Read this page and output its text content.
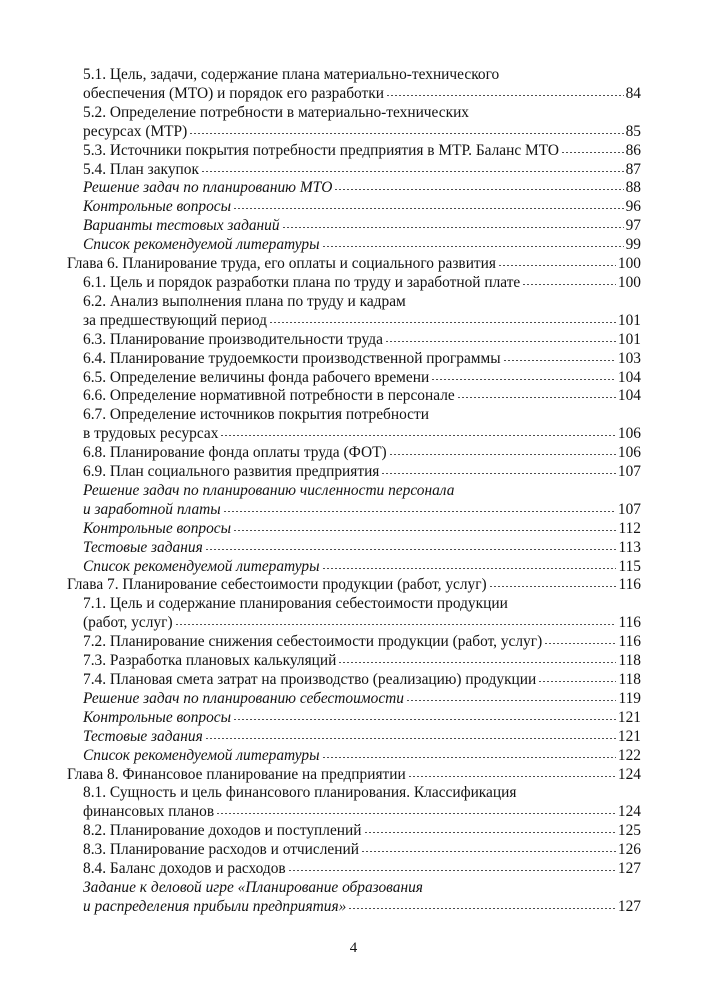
5.1. Цель, задачи, содержание плана материально-технического
обеспечения (МТО) и порядок его разработки	84
5.2. Определение потребности в материально-технических
ресурсах (МТР)	85
5.3. Источники покрытия потребности предприятия в МТР. Баланс МТО	86
5.4. План закупок	87
Решение задач по планированию МТО	88
Контрольные вопросы	96
Варианты тестовых заданий	97
Список рекомендуемой литературы	99
Глава 6. Планирование труда, его оплаты и социального развития	100
6.1. Цель и порядок разработки плана по труду и заработной плате	100
6.2. Анализ выполнения плана по труду и кадрам
за предшествующий период	101
6.3. Планирование производительности труда	101
6.4. Планирование трудоемкости производственной программы	103
6.5. Определение величины фонда рабочего времени	104
6.6. Определение нормативной потребности в персонале	104
6.7. Определение источников покрытия потребности
в трудовых ресурсах	106
6.8. Планирование фонда оплаты труда (ФОТ)	106
6.9. План социального развития предприятия	107
Решение задач по планированию численности персонала
и заработной платы	107
Контрольные вопросы	112
Тестовые задания	113
Список рекомендуемой литературы	115
Глава 7. Планирование себестоимости продукции (работ, услуг)	116
7.1. Цель и содержание планирования себестоимости продукции
(работ, услуг)	116
7.2. Планирование снижения себестоимости продукции (работ, услуг)	116
7.3. Разработка плановых калькуляций	118
7.4. Плановая смета затрат на производство (реализацию) продукции	118
Решение задач по планированию себестоимости	119
Контрольные вопросы	121
Тестовые задания	121
Список рекомендуемой литературы	122
Глава 8. Финансовое планирование на предприятии	124
8.1. Сущность и цель финансового планирования. Классификация
финансовых планов	124
8.2. Планирование доходов и поступлений	125
8.3. Планирование расходов и отчислений	126
8.4. Баланс доходов и расходов	127
Задание к деловой игре «Планирование образования
и распределения прибыли предприятия»	127
4
